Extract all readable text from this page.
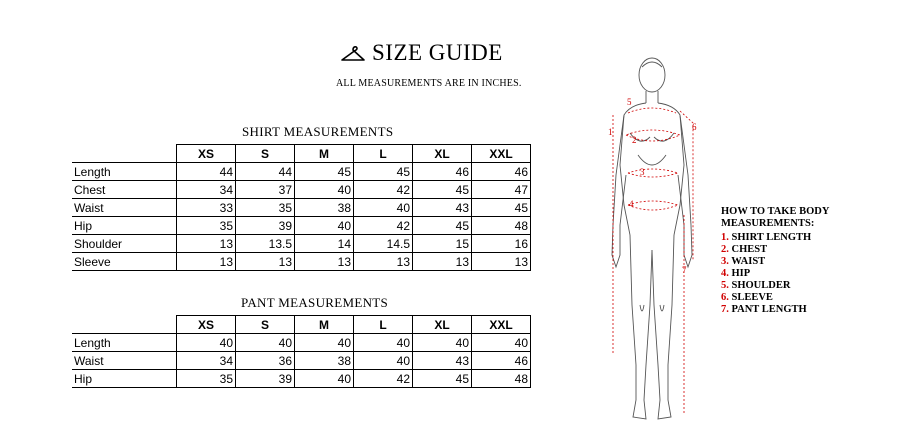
SIZE GUIDE
ALL MEASUREMENTS ARE IN INCHES.
SHIRT MEASUREMENTS
	XS	S	M	L	XL	XXL
Length	44	44	45	45	46	46
Chest	34	37	40	42	45	47
Waist	33	35	38	40	43	45
Hip	35	39	40	42	45	48
Shoulder	13	13.5	14	14.5	15	16
Sleeve	13	13	13	13	13	13
PANT MEASUREMENTS
	XS	S	M	L	XL	XXL
Length	40	40	40	40	40	40
Waist	34	36	38	40	43	46
Hip	35	39	40	42	45	48
1
2
3
4
5
6
7
HOW TO TAKE BODY
MEASUREMENTS:
1. SHIRT LENGTH
2. CHEST
3. WAIST
4. HIP
5. SHOULDER
6. SLEEVE
7. PANT LENGTH
